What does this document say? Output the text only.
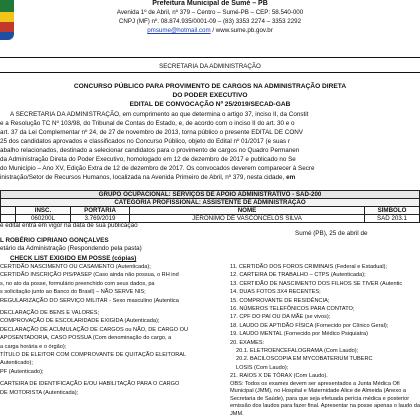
Prefeitura Municipal de Sumé – PB
Avenida 1º de Abril, nº 379 – Centro – Sumé-PB – CEP: 58.540-000
CNPJ (MF) nº. 08.874.935/0001-09 – (83) 3353 2274 – 3353 2292
pmsume@hotmail.com / www.sume.pb.gov.br
SECRETARIA DA ADMINISTRAÇÃO
CONCURSO PÚBLICO PARA PROVIMENTO DE CARGOS NA ADMINISTRAÇÃO DIRETA
DO PODER EXECUTIVO
EDITAL DE CONVOCAÇÃO Nº 25/2019/SECAD-GAB
A SECRETARIA DA ADMINISTRAÇÃO, em cumprimento ao que determina o artigo 37, inciso II, da Constit
e a Resolução TC Nº 103/98, do Tribunal de Contas do Estado, e, de acordo com o inciso II do art. 30 e o
art. 37 da Lei Complementar nº 24, de 27 de novembro de 2013, torna público o presente EDITAL DE CONV
25 dos candidatos aprovados e classificados no Concurso Público, objeto do Edital nº 01/2017 (e suas r
abalho relacionados, destinado a selecionar candidatos para o provimento de cargos no Quadro Permanen
da Administração Direta do Poder Executivo, homologado em 12 de dezembro de 2017 e publicado no Se
do Município – Ano XV, Edição Extra de 12 de dezembro de 2017. Os convocados deverem comparecer à Secre
inistração/Setor de Recursos Humanos, localizada na Avenida Primeiro de Abril, nº 379, nesta cidade, em
GRUPO OCUPACIONAL: SERVIÇOS DE APOIO ADMINISTRATIVO - SAD-200				
CATEGORIA PROFISSIONAL: ASSISTENTE DE ADMINISTRAÇÃO				
	INSC.	PORTARIA	NOME	SÍMBOLO
	060200L	3.769/2019	JERÔNIMO DE VASCONCELOS SILVA	SAD 203.1
e edital entra em vigor na data de sua publicação
Sumé (PB), 25 de abril de
L ROBÉRIO CIPRIANO GONÇALVES
etário da Administração (Respondendo pela pasta)
CHECK LIST EXIGIDO EM POSSE (cópias)
CERTIDÃO NASCIMENTO OU CASAMENTO (Autenticada);
CERTIDÃO INSCRIÇÃO PIS/PASEP (Caso ainda não possua, o RH ind
s, no ato da posse, formulário preenchido com seus dados, pa
s solicitação junto ao Banco do Brasil) – NÃO SERVE NIS;
REGULARIZAÇÃO DO SERVIÇO MILITAR - Sexo masculino (Autentica
DECLARAÇÃO DE BENS E VALORES;
COMPROVAÇÃO DE ESCOLARIDADE EXIGIDA (Autenticada);
DECLARAÇÃO DE ACUMULAÇÃO DE CARGOS ou NÃO, DE CARGO OU
APOSENTADORIA, CASO POSSUA (Com denominação do cargo, a
a carga horária e o órgão);
TÍTULO DE ELEITOR COM COMPROVANTE DE QUITAÇÃO ELEITORAL
Autenticado);
PF (Autenticado);
CARTEIRA DE IDENTIFICAÇÃO E/OU HABILITAÇÃO PARA O CARGO
DE MOTORISTA (Autenticada);
11. CERTIDÃO DOS FOROS CRIMINAIS (Federal e Estadual);
12. CARTEIRA DE TRABALHO – CTPS (Autenticada);
13. CERTIDÃO DE NASCIMENTO DOS FILHOS SE TIVER (Autentic
14. DUAS FOTOS 3X4 RECENTES;
15. COMPROVANTE DE RESIDÊNCIA;
16. NÚMEROS TELEFÔNICOS PARA CONTATO;
17. CPF DO PAI OU DA MÃE (se vivos);
18. LAUDO DE APTIDÃO FÍSICA (Fornecido por Clínico Geral);
19. LAUDO MENTAL (Fornecido por Médico Psiquiatra)
20. EXAMES:
20.1. ELETROENCEFALOGRAMA (Com Laudo);
20.2. BACILOSCOPIA EM MYCOBATERIUM TUBERC
LOSIS (Com Laudo);
21. RAIOS X DE TÓRAX (Com Laudo).
OBS: Todos os exames devem ser apresentados a Junta Médica Ofi Municipal (JMM), no Hospital e Maternidade Alice de Almeida (Anexo a Secretaria de Saúde), para que seja efetuada perícia médica e posterior emissão dos laudos para fazer final. Apresentar na posse apenas o laudo da JMM.
